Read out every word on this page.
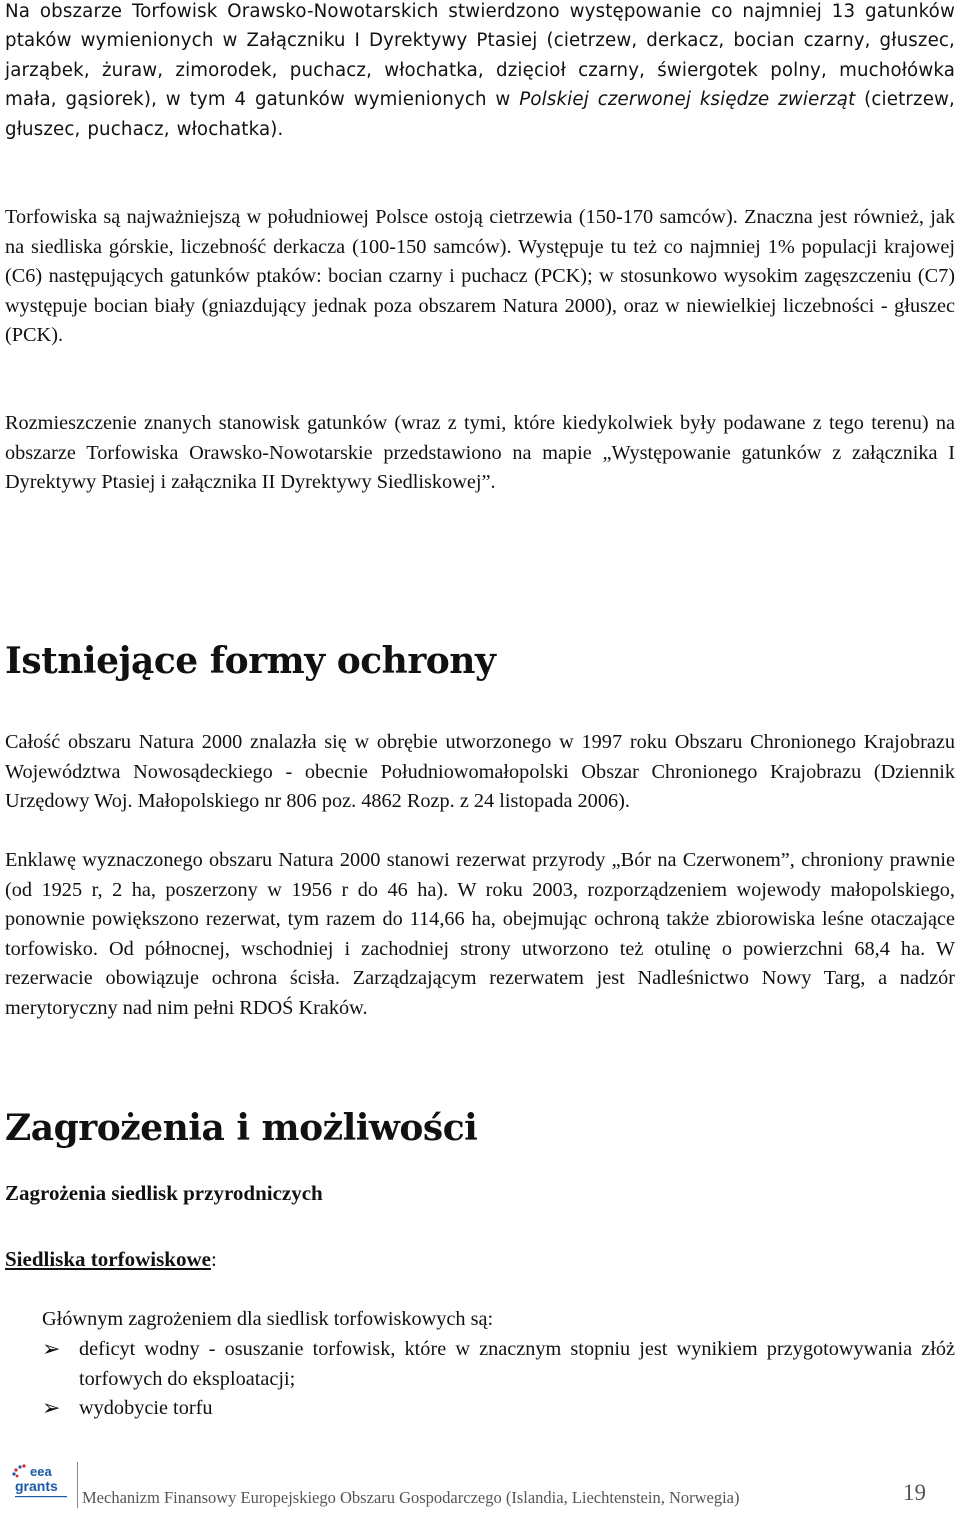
Na obszarze Torfowisk Orawsko-Nowotarskich stwierdzono występowanie co najmniej 13 gatunków ptaków wymienionych w Załączniku I Dyrektywy Ptasiej (cietrzew, derkacz, bocian czarny, głuszec, jarząbek, żuraw, zimorodek, puchacz, włochatka, dzięcioł czarny, świergotek polny, muchołówka mała, gąsiorek), w tym 4 gatunków wymienionych w Polskiej czerwonej księdze zwierząt (cietrzew, głuszec, puchacz, włochatka).

Torfowiska są najważniejszą w południowej Polsce ostoją cietrzewia (150-170 samców). Znaczna jest również, jak na siedliska górskie, liczebność derkacza (100-150 samców). Występuje tu też co najmniej 1% populacji krajowej (C6) następujących gatunków ptaków: bocian czarny i puchacz (PCK); w stosunkowo wysokim zagęszczeniu (C7) występuje bocian biały (gniazdujący jednak poza obszarem Natura 2000), oraz w niewielkiej liczebności - głuszec (PCK).

Rozmieszczenie znanych stanowisk gatunków (wraz z tymi, które kiedykolwiek były podawane z tego terenu) na obszarze Torfowiska Orawsko-Nowotarskie przedstawiono na mapie „Występowanie gatunków z załącznika I Dyrektywy Ptasiej i załącznika II Dyrektywy Siedliskowej”.

Istniejące formy ochrony

Całość obszaru Natura 2000 znalazła się w obrębie utworzonego w 1997 roku Obszaru Chronionego Krajobrazu Województwa Nowosądeckiego - obecnie Południowomałopolski Obszar Chronionego Krajobrazu (Dziennik Urzędowy Woj. Małopolskiego nr 806 poz. 4862 Rozp. z 24 listopada 2006).

Enklawę wyznaczonego obszaru Natura 2000 stanowi rezerwat przyrody „Bór na Czerwonem”, chroniony prawnie (od 1925 r, 2 ha, poszerzony w 1956 r do 46 ha). W roku 2003, rozporządzeniem wojewody małopolskiego, ponownie powiększono rezerwat, tym razem do 114,66 ha, obejmując ochroną także zbiorowiska leśne otaczające torfowisko. Od północnej, wschodniej i zachodniej strony utworzono też otulinę o powierzchni 68,4 ha. W rezerwacie obowiązuje ochrona ścisła. Zarządzającym rezerwatem jest Nadleśnictwo Nowy Targ, a nadzór merytoryczny nad nim pełni RDOŚ Kraków.

Zagrożenia i możliwości
Zagrożenia siedlisk przyrodniczych
Siedliska torfowiskowe:

Głównym zagrożeniem dla siedlisk torfowiskowych są:

➢ deficyt wodny - osuszanie torfowisk, które w znacznym stopniu jest wynikiem przygotowywania złóż torfowych do eksploatacji;
➢ wydobycie torfu
eea
grants
Mechanizm Finansowy Europejskiego Obszaru Gospodarczego (Islandia, Liechtenstein, Norwegia)	19
